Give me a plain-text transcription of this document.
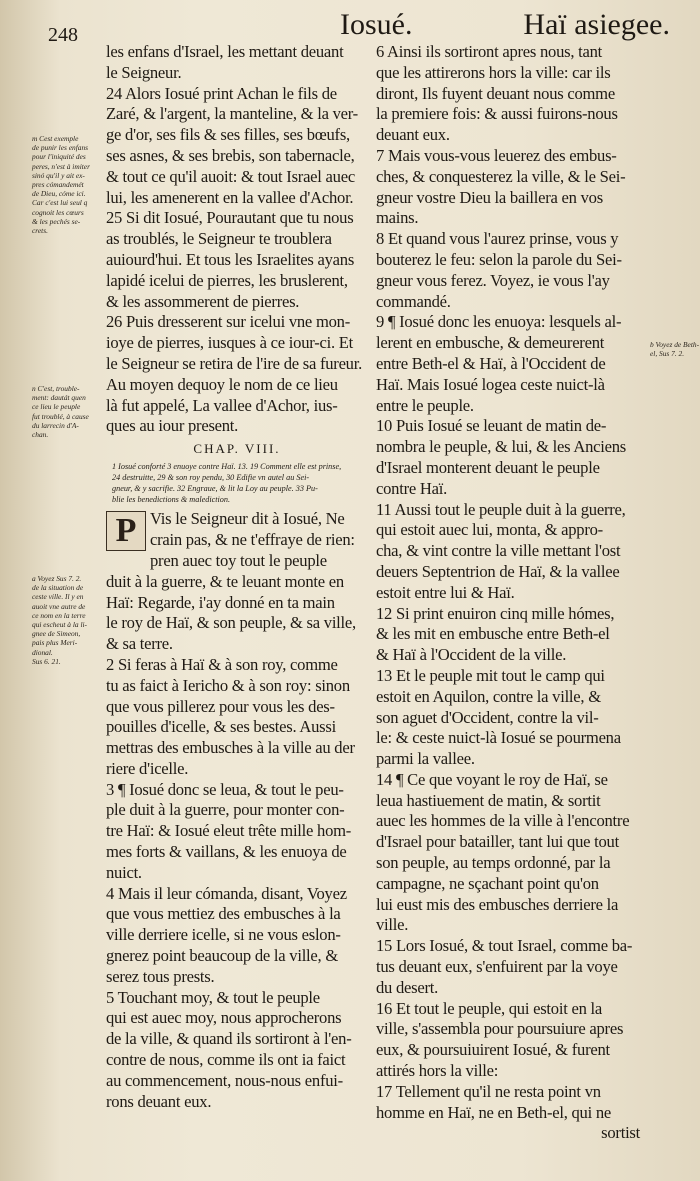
248	Iosué.	Haï asiegee.
m Cest exemple
de punir les enfans
pour l'iniquité des
peres, n'est à imiter
sinó qu'il y ait ex-
pres cómandemét
de Dieu, cóme ici.
Car c'est lui seul q
cognoit les cœurs
& les pechés se-
crets.
n C'est, trouble-
ment: dautát quen
ce lieu le peuple
fut troublé, à cause
du larrecin d'A-
chan.
a Voyez Sus 7. 2.
de la situation de
ceste ville. Il y en
auoit vne autre de
ce nom en la terre
qui escheut à la li-
gnee de Simeon,
pais plus Meri-
dional.
Sus 6. 21.
b Voyez de Beth-
el, Sus 7. 2.
les enfans d'Israel, les mettant deuant
le Seigneur.
24 Alors Iosué print Achan le fils de
Zaré, & l'argent, la manteline, & la ver-
ge d'or, ses fils & ses filles, ses bœufs,
ses asnes, & ses brebis, son tabernacle,
& tout ce qu'il auoit: & tout Israel auec
lui, les amenerent en la vallee d'Achor.
25 Si dit Iosué, Pourautant que tu nous
as troublés, le Seigneur te troublera
auiourd'hui. Et tous les Israelites ayans
lapidé icelui de pierres, les bruslerent,
& les assommerent de pierres.
26 Puis dresserent sur icelui vne mon-
ioye de pierres, iusques à ce iour-ci. Et
le Seigneur se retira de l'ire de sa fureur.
Au moyen dequoy le nom de ce lieu
là fut appelé, La vallee d'Achor, ius-
ques au iour present.
CHAP. VIII.
1 Iosué conforté 3 enuoye contre Haï. 13. 19 Comment elle est prinse,
24 destruitte, 29 & son roy pendu, 30 Edifie vn autel au Sei-
gneur, & y sacrifie. 32 Engraue, & lit la Loy au peuple. 33 Pu-
blie les benedictions & malediction.
P Vis le Seigneur dit à Iosué, Ne
crain pas, & ne t'effraye de rien:
pren auec toy tout le peuple
duit à la guerre, & te leuant monte en
Haï: Regarde, i'ay donné en ta main
le roy de Haï, & son peuple, & sa ville,
& sa terre.
2 Si feras à Haï & à son roy, comme
tu as faict à Iericho & à son roy: sinon
que vous pillerez pour vous les des-
pouilles d'icelle, & ses bestes. Aussi
mettras des embusches à la ville au der
riere d'icelle.
3 ¶ Iosué donc se leua, & tout le peu-
ple duit à la guerre, pour monter con-
tre Haï: & Iosué eleut trête mille hom-
mes forts & vaillans, & les enuoya de
nuict.
4 Mais il leur cómanda, disant, Voyez
que vous mettiez des embusches à la
ville derriere icelle, si ne vous eslon-
gnerez point beaucoup de la ville, &
serez tous prests.
5 Touchant moy, & tout le peuple
qui est auec moy, nous approcherons
de la ville, & quand ils sortiront à l'en-
contre de nous, comme ils ont ia faict
au commencement, nous-nous enfui-
rons deuant eux.
6 Ainsi ils sortiront apres nous, tant
que les attirerons hors la ville: car ils
diront, Ils fuyent deuant nous comme
la premiere fois: & aussi fuirons-nous
deuant eux.
7 Mais vous-vous leuerez des embus-
ches, & conquesterez la ville, & le Sei-
gneur vostre Dieu la baillera en vos
mains.
8 Et quand vous l'aurez prinse, vous y
bouterez le feu: selon la parole du Sei-
gneur vous ferez. Voyez, ie vous l'ay
commandé.
9 ¶ Iosué donc les enuoya: lesquels al-
lerent en embusche, & demeurerent
entre Beth-el & Haï, à l'Occident de
Haï. Mais Iosué logea ceste nuict-là
entre le peuple.
10 Puis Iosué se leuant de matin de-
nombra le peuple, & lui, & les Anciens
d'Israel monterent deuant le peuple
contre Haï.
11 Aussi tout le peuple duit à la guerre,
qui estoit auec lui, monta, & appro-
cha, & vint contre la ville mettant l'ost
deuers Septentrion de Haï, & la vallee
estoit entre lui & Haï.
12 Si print enuiron cinq mille hómes,
& les mit en embusche entre Beth-el
& Haï à l'Occident de la ville.
13 Et le peuple mit tout le camp qui
estoit en Aquilon, contre la ville, &
son aguet d'Occident, contre la vil-
le: & ceste nuict-là Iosué se pourmena
parmi la vallee.
14 ¶ Ce que voyant le roy de Haï, se
leua hastiuement de matin, & sortit
auec les hommes de la ville à l'encontre
d'Israel pour batailler, tant lui que tout
son peuple, au temps ordonné, par la
campagne, ne sçachant point qu'on
lui eust mis des embusches derriere la
ville.
15 Lors Iosué, & tout Israel, comme ba-
tus deuant eux, s'enfuirent par la voye
du desert.
16 Et tout le peuple, qui estoit en la
ville, s'assembla pour poursuiure apres
eux, & poursuiuirent Iosué, & furent
attirés hors la ville:
17 Tellement qu'il ne resta point vn
homme en Haï, ne en Beth-el, qui ne
sortist
